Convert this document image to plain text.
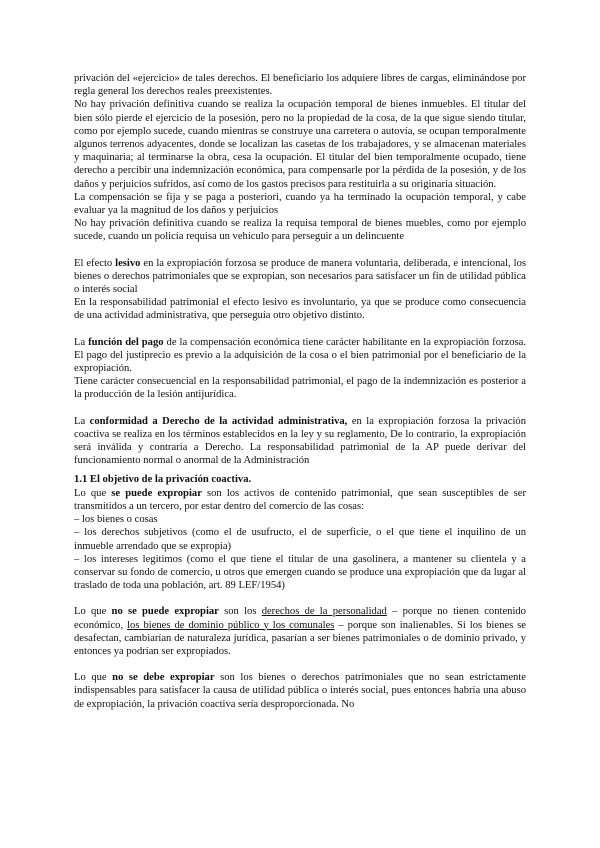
privación del «ejercicio» de tales derechos. El beneficiario los adquiere libres de cargas, eliminándose por regla general los derechos reales preexistentes.

No hay privación definitiva cuando se realiza la ocupación temporal de bienes inmuebles. El titular del bien sólo pierde el ejercicio de la posesión, pero no la propiedad de la cosa, de la que sigue siendo titular, como por ejemplo sucede, cuando mientras se construye una carretera o autovía, se ocupan temporalmente algunos terrenos adyacentes, donde se localizan las casetas de los trabajadores, y se almacenan materiales y maquinaria; al terminarse la obra, cesa la ocupación. El titular del bien temporalmente ocupado, tiene derecho a percibir una indemnización económica, para compensarle por la pérdida de la posesión, y de los daños y perjuicios sufridos, así como de los gastos precisos para restituirla a su originaria situación.

La compensación se fija y se paga a posteriori, cuando ya ha terminado la ocupación temporal, y cabe evaluar ya la magnitud de los daños y perjuicios

No hay privación definitiva cuando se realiza la requisa temporal de bienes muebles, como por ejemplo sucede, cuando un policía requisa un vehículo para perseguir a un delincuente

El efecto lesivo en la expropiación forzosa se produce de manera voluntaria, deliberada, e intencional, los bienes o derechos patrimoniales que se expropian, son necesarios para satisfacer un fin de utilidad pública o interés social

En la responsabilidad patrimonial el efecto lesivo es involuntario, ya que se produce como consecuencia de una actividad administrativa, que perseguía otro objetivo distinto.

La función del pago de la compensación económica tiene carácter habilitante en la expropiación forzosa. El pago del justiprecio es previo a la adquisición de la cosa o el bien patrimonial por el beneficiario de la expropiación.

Tiene carácter consecuencial en la responsabilidad patrimonial, el pago de la indemnización es posterior a la producción de la lesión antijurídica.

La conformidad a Derecho de la actividad administrativa, en la expropiación forzosa la privación coactiva se realiza en los términos establecidos en la ley y su reglamento, De lo contrario, la expropiación será inválida y contraria a Derecho. La responsabilidad patrimonial de la AP puede derivar del funcionamiento normal o anormal de la Administración

1.1 El objetivo de la privación coactiva.

Lo que se puede expropiar son los activos de contenido patrimonial, que sean susceptibles de ser transmitidos a un tercero, por estar dentro del comercio de las cosas:

– los bienes o cosas

– los derechos subjetivos (como el de usufructo, el de superficie, o el que tiene el inquilino de un inmueble arrendado que se expropia)

– los intereses legítimos (como el que tiene el titular de una gasolinera, a mantener su clientela y a conservar su fondo de comercio, u otros que emergen cuando se produce una expropiación que da lugar al traslado de toda una población, art. 89 LEF/1954)

Lo que no se puede expropiar son los derechos de la personalidad – porque no tienen contenido económico, los bienes de dominio público y los comunales – porque son inalienables. Si los bienes se desafectan, cambiarían de naturaleza jurídica, pasarían a ser bienes patrimoniales o de dominio privado, y entonces ya podrían ser expropiados.

Lo que no se debe expropiar son los bienes o derechos patrimoniales que no sean estrictamente indispensables para satisfacer la causa de utilidad pública o interés social, pues entonces habría una abuso de expropiación, la privación coactiva sería desproporcionada. No
